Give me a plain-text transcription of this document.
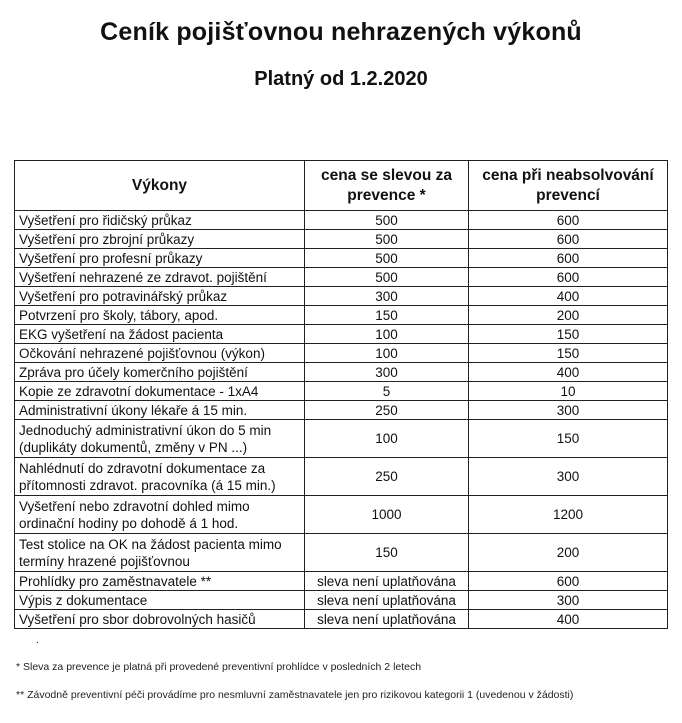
Ceník pojišťovnou nehrazených výkonů
Platný od 1.2.2020
Výkony	cena se slevou za prevence *	cena při neabsolvování prevencí
Vyšetření pro řidičský průkaz	500	600
Vyšetření pro zbrojní průkazy	500	600
Vyšetření pro profesní průkazy	500	600
Vyšetření nehrazené ze zdravot. pojištění	500	600
Vyšetření pro potravinářský průkaz	300	400
Potvrzení pro školy, tábory, apod.	150	200
EKG vyšetření na žádost pacienta	100	150
Očkování nehrazené pojišťovnou (výkon)	100	150
Zpráva pro účely komerčního pojištění	300	400
Kopie ze zdravotní dokumentace - 1xA4	5	10
Administrativní úkony lékaře á 15 min.	250	300
Jednoduchý administrativní úkon do 5 min (duplikáty dokumentů, změny v PN ...)	100	150
Nahlédnutí do zdravotní dokumentace za přítomnosti zdravot. pracovníka (á 15 min.)	250	300
Vyšetření nebo zdravotní dohled mimo ordinační hodiny po dohodě á 1 hod.	1000	1200
Test stolice na OK na žádost pacienta mimo termíny hrazené pojišťovnou	150	200
Prohlídky pro zaměstnavatele **	sleva není uplatňována	600
Výpis z dokumentace	sleva není uplatňována	300
Vyšetření pro sbor dobrovolných hasičů	sleva není uplatňována	400
.
* Sleva za prevence je platná při provedené preventivní prohlídce v posledních 2 letech
** Závodně preventivní péči provádíme pro nesmluvní zaměstnavatele jen pro rizikovou kategorii 1 (uvedenou v žádosti)
